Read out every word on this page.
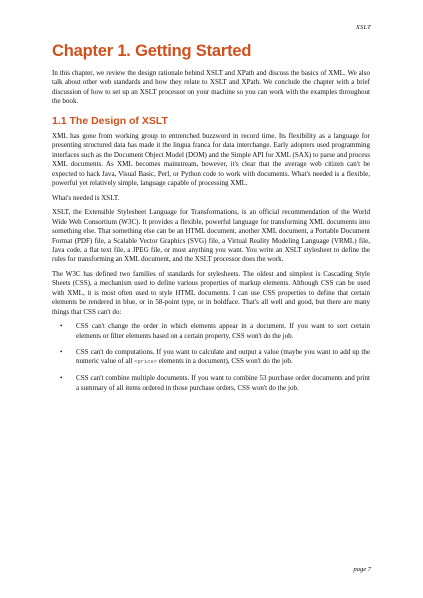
XSLT
Chapter 1. Getting Started

In this chapter, we review the design rationale behind XSLT and XPath and discuss the basics of XML. We also talk about other web standards and how they relate to XSLT and XPath. We conclude the chapter with a brief discussion of how to set up an XSLT processor on your machine so you can work with the examples throughout the book.

1.1 The Design of XSLT

XML has gone from working group to entrenched buzzword in record time. Its flexibility as a language for presenting structured data has made it the lingua franca for data interchange. Early adopters used programming interfaces such as the Document Object Model (DOM) and the Simple API for XML (SAX) to parse and process XML documents. As XML becomes mainstream, however, it's clear that the average web citizen can't be expected to hack Java, Visual Basic, Perl, or Python code to work with documents. What's needed is a flexible, powerful yet relatively simple, language capable of processing XML.

What's needed is XSLT.

XSLT, the Extensible Stylesheet Language for Transformations, is an official recommendation of the World Wide Web Consortium (W3C). It provides a flexible, powerful language for transforming XML documents into something else. That something else can be an HTML document, another XML document, a Portable Document Format (PDF) file, a Scalable Vector Graphics (SVG) file, a Virtual Reality Modeling Language (VRML) file, Java code, a flat text file, a JPEG file, or most anything you want. You write an XSLT stylesheet to define the rules for transforming an XML document, and the XSLT processor does the work.

The W3C has defined two families of standards for stylesheets. The oldest and simplest is Cascading Style Sheets (CSS), a mechanism used to define various properties of markup elements. Although CSS can be used with XML, it is most often used to style HTML documents. I can use CSS properties to define that certain elements be rendered in blue, or in 58-point type, or in boldface. That's all well and good, but there are many things that CSS can't do:

• CSS can't change the order in which elements appear in a document. If you want to sort certain elements or filter elements based on a certain property, CSS won't do the job.
• CSS can't do computations. If you want to calculate and output a value (maybe you want to add up the numeric value of all <price> elements in a document), CSS won't do the job.
• CSS can't combine multiple documents. If you want to combine 53 purchase order documents and print a summary of all items ordered in those purchase orders, CSS won't do the job.
page 7
